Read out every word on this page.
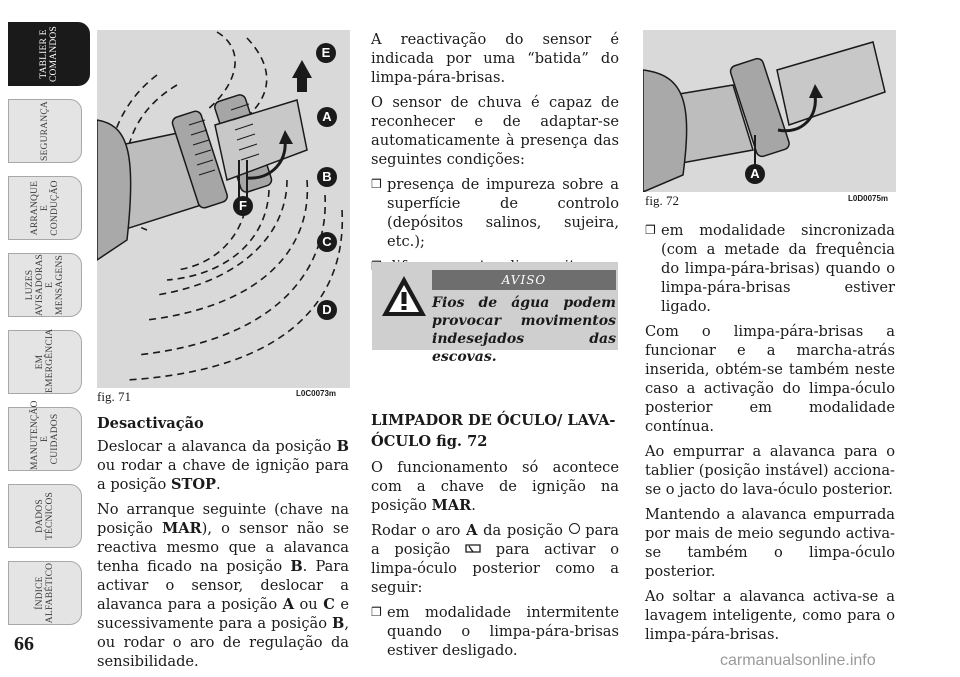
TABLIER E
COMANDOS
SEGURANÇA
ARRANQUE E
CONDUÇÃO
LUZES
AVISADORAS
E MENSAGENS
EM
EMERGÊNCIA
MANUTENÇÃO E
CUIDADOS
DADOS
TÉCNICOS
ÍNDICE
ALFABÉTICO
66
E
A
B
C
D
F
fig. 71	L0C0073m
A
fig. 72	L0D0075m
Desactivação

Deslocar a alavanca da posição B ou rodar a chave de ignição para a posição STOP.

No arranque seguinte (chave na posição MAR), o sensor não se reactiva mesmo que a alavanca tenha ficado na posição B. Para activar o sensor, deslocar a alavanca para a posição A ou C e sucessivamente para a posição B, ou rodar o aro de regulação da sensibilidade.

A reactivação do sensor é indicada por uma “batida” do limpa-pára-brisas.

O sensor de chuva é capaz de reconhecer e de adaptar-se automaticamente à presença das seguintes condições:

❒ presença de impureza sobre a superfície de controlo (depósitos salinos, sujeira, etc.);
AVISO
Fios de água podem provocar movimentos indesejados das escovas.
LIMPADOR DE ÓCULO/ LAVA-ÓCULO fig. 72

O funcionamento só acontece com a chave de ignição na posição MAR.

Rodar o aro A da posição  para a posição  para activar o limpa-óculo posterior como a seguir:

❒ em modalidade intermitente quando o limpa-pára-brisas estiver desligado.
❒ em modalidade sincronizada (com a metade da frequência do limpa-pára-brisas) quando o limpa-pára-brisas estiver ligado.

Com o limpa-pára-brisas a funcionar e a marcha-atrás inserida, obtém-se também neste caso a activação do limpa-óculo posterior em modalidade contínua.

Ao empurrar a alavanca para o tablier (posição instável) acciona-se o jacto do lava-óculo posterior.

Mantendo a alavanca empurrada por mais de meio segundo activa-se também o limpa-óculo posterior.

Ao soltar a alavanca activa-se a lavagem inteligente, como para o limpa-pára-brisas.

carmanualsonline.info
